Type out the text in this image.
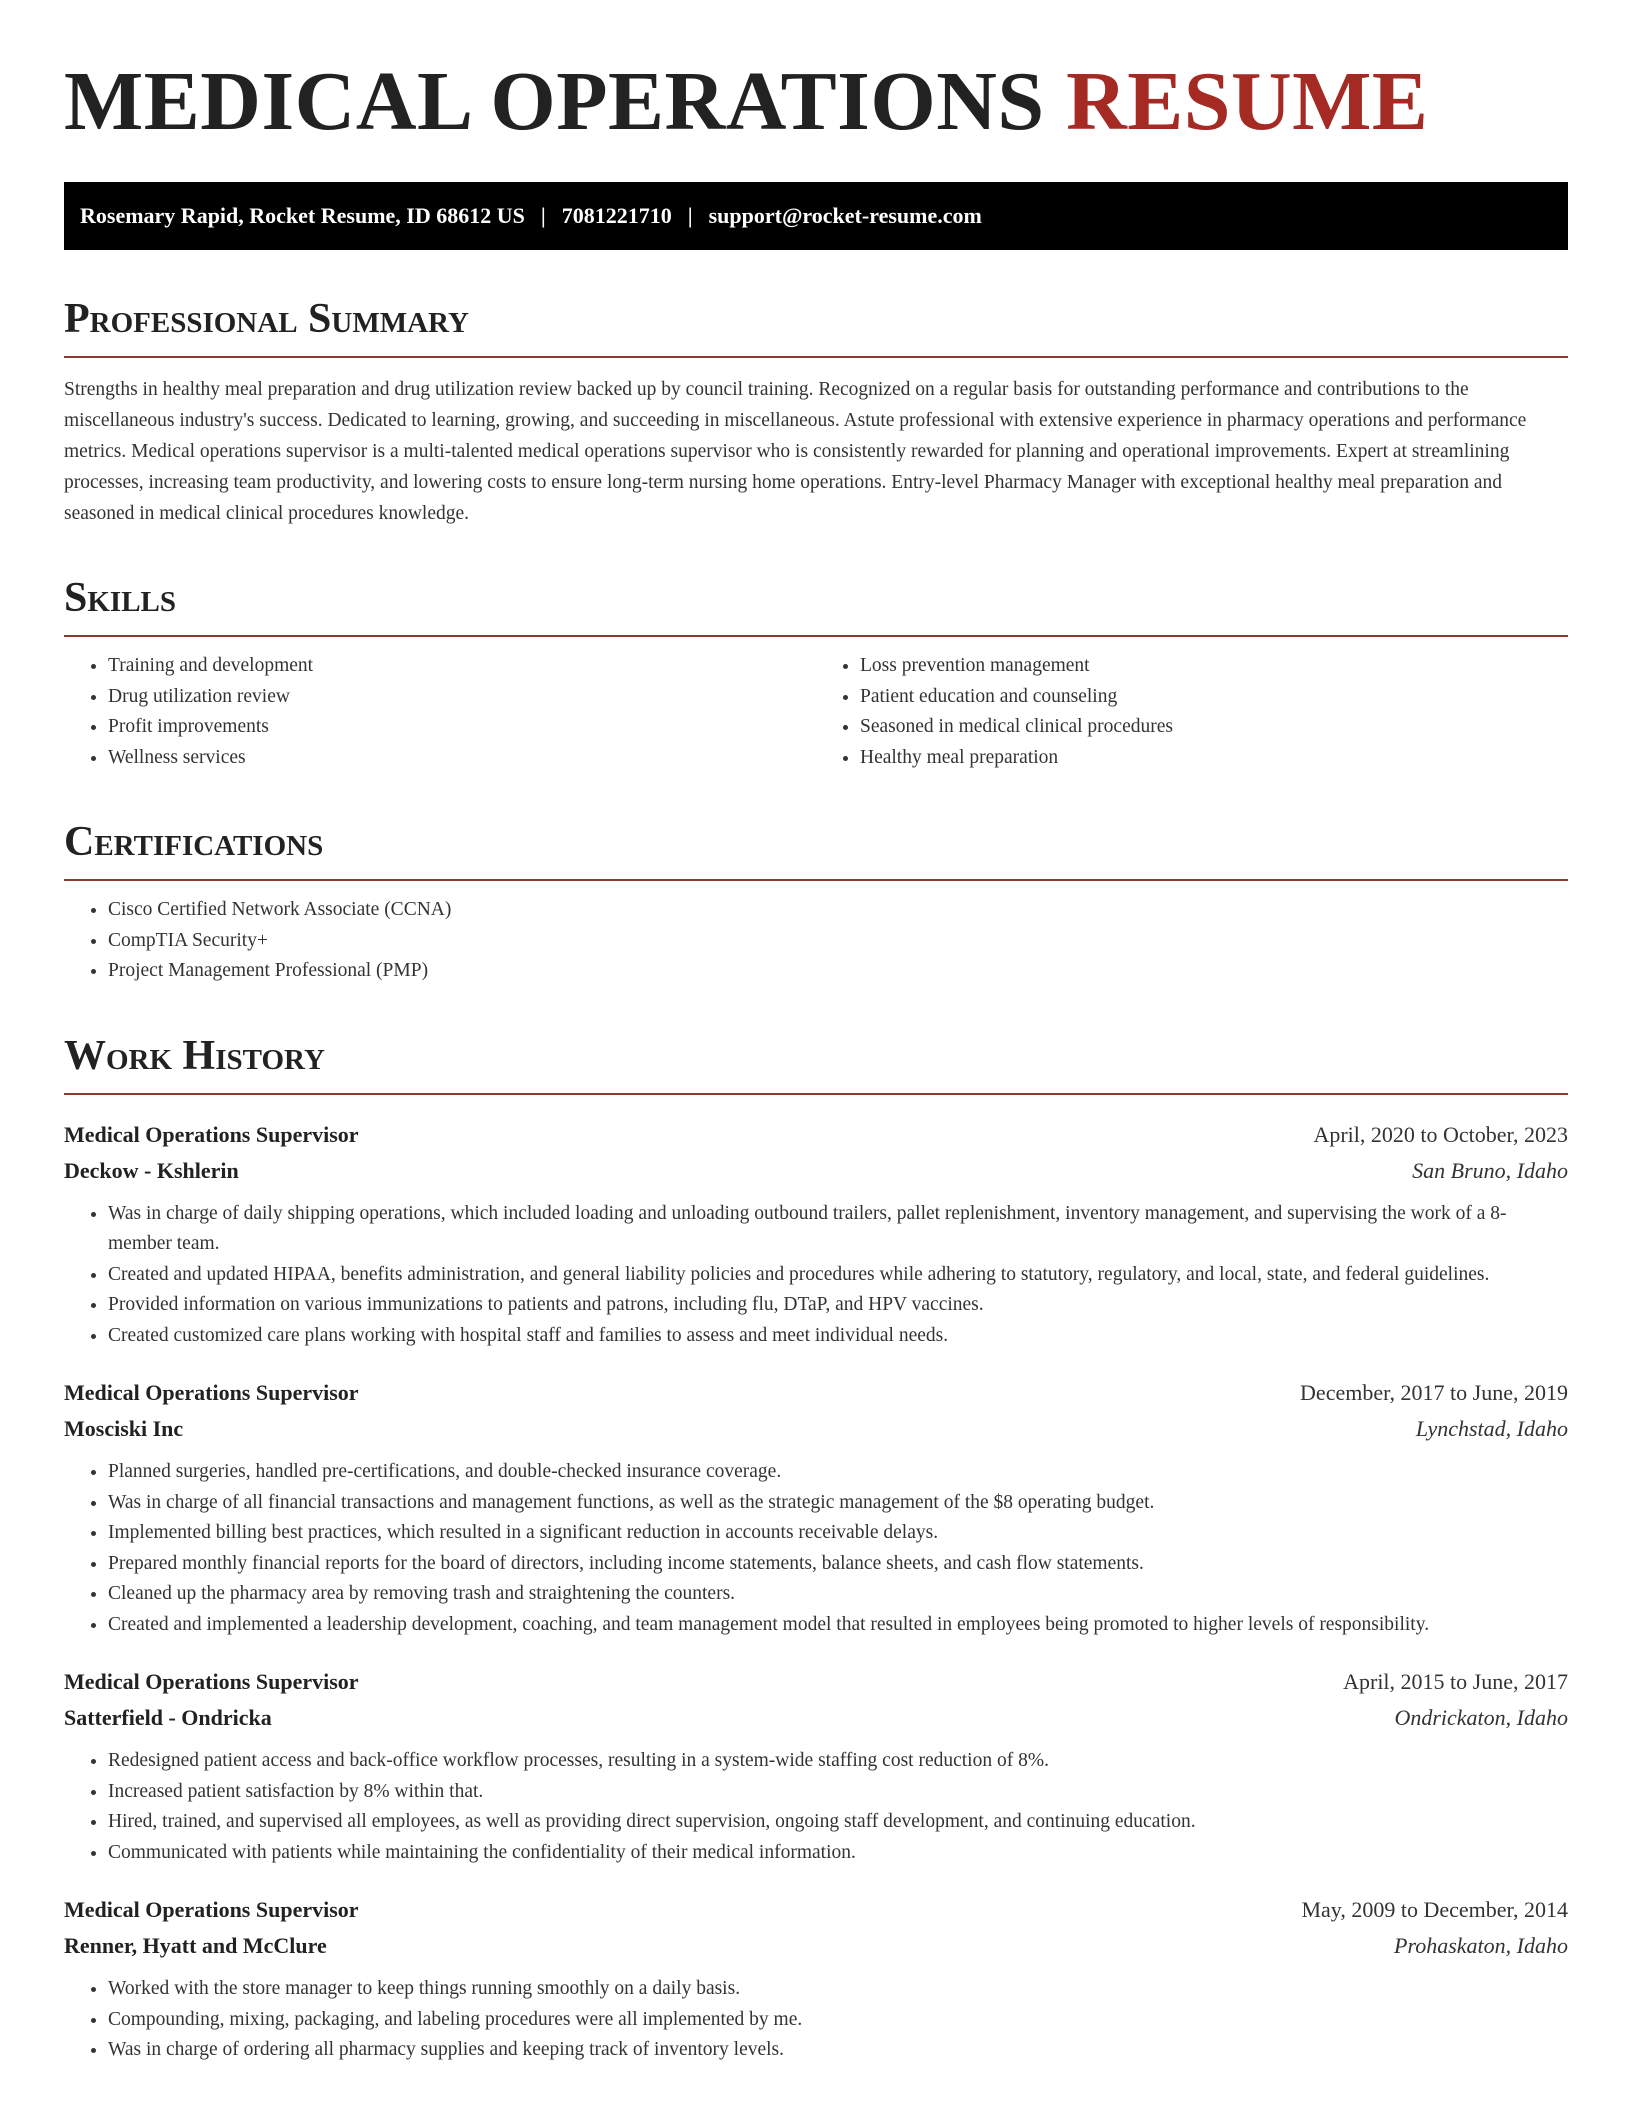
MEDICAL OPERATIONS RESUME
Rosemary Rapid, Rocket Resume, ID 68612 US | 7081221710 | support@rocket-resume.com
Professional Summary

Strengths in healthy meal preparation and drug utilization review backed up by council training. Recognized on a regular basis for outstanding performance and contributions to the miscellaneous industry's success. Dedicated to learning, growing, and succeeding in miscellaneous. Astute professional with extensive experience in pharmacy operations and performance metrics. Medical operations supervisor is a multi-talented medical operations supervisor who is consistently rewarded for planning and operational improvements. Expert at streamlining processes, increasing team productivity, and lowering costs to ensure long-term nursing home operations. Entry-level Pharmacy Manager with exceptional healthy meal preparation and seasoned in medical clinical procedures knowledge.

Skills
• Training and development
• Drug utilization review
• Profit improvements
• Wellness services
• Loss prevention management
• Patient education and counseling
• Seasoned in medical clinical procedures
• Healthy meal preparation
Certifications
• Cisco Certified Network Associate (CCNA)
• CompTIA Security+
• Project Management Professional (PMP)
Work History
Medical Operations Supervisor	April, 2020 to October, 2023
Deckow - Kshlerin	San Bruno, Idaho
• Was in charge of daily shipping operations, which included loading and unloading outbound trailers, pallet replenishment, inventory management, and supervising the work of a 8-member team.
• Created and updated HIPAA, benefits administration, and general liability policies and procedures while adhering to statutory, regulatory, and local, state, and federal guidelines.
• Provided information on various immunizations to patients and patrons, including flu, DTaP, and HPV vaccines.
• Created customized care plans working with hospital staff and families to assess and meet individual needs.
Medical Operations Supervisor	December, 2017 to June, 2019
Mosciski Inc	Lynchstad, Idaho
• Planned surgeries, handled pre-certifications, and double-checked insurance coverage.
• Was in charge of all financial transactions and management functions, as well as the strategic management of the $8 operating budget.
• Implemented billing best practices, which resulted in a significant reduction in accounts receivable delays.
• Prepared monthly financial reports for the board of directors, including income statements, balance sheets, and cash flow statements.
• Cleaned up the pharmacy area by removing trash and straightening the counters.
• Created and implemented a leadership development, coaching, and team management model that resulted in employees being promoted to higher levels of responsibility.
Medical Operations Supervisor	April, 2015 to June, 2017
Satterfield - Ondricka	Ondrickaton, Idaho
• Redesigned patient access and back-office workflow processes, resulting in a system-wide staffing cost reduction of 8%.
• Increased patient satisfaction by 8% within that.
• Hired, trained, and supervised all employees, as well as providing direct supervision, ongoing staff development, and continuing education.
• Communicated with patients while maintaining the confidentiality of their medical information.
Medical Operations Supervisor	May, 2009 to December, 2014
Renner, Hyatt and McClure	Prohaskaton, Idaho
• Worked with the store manager to keep things running smoothly on a daily basis.
• Compounding, mixing, packaging, and labeling procedures were all implemented by me.
• Was in charge of ordering all pharmacy supplies and keeping track of inventory levels.
